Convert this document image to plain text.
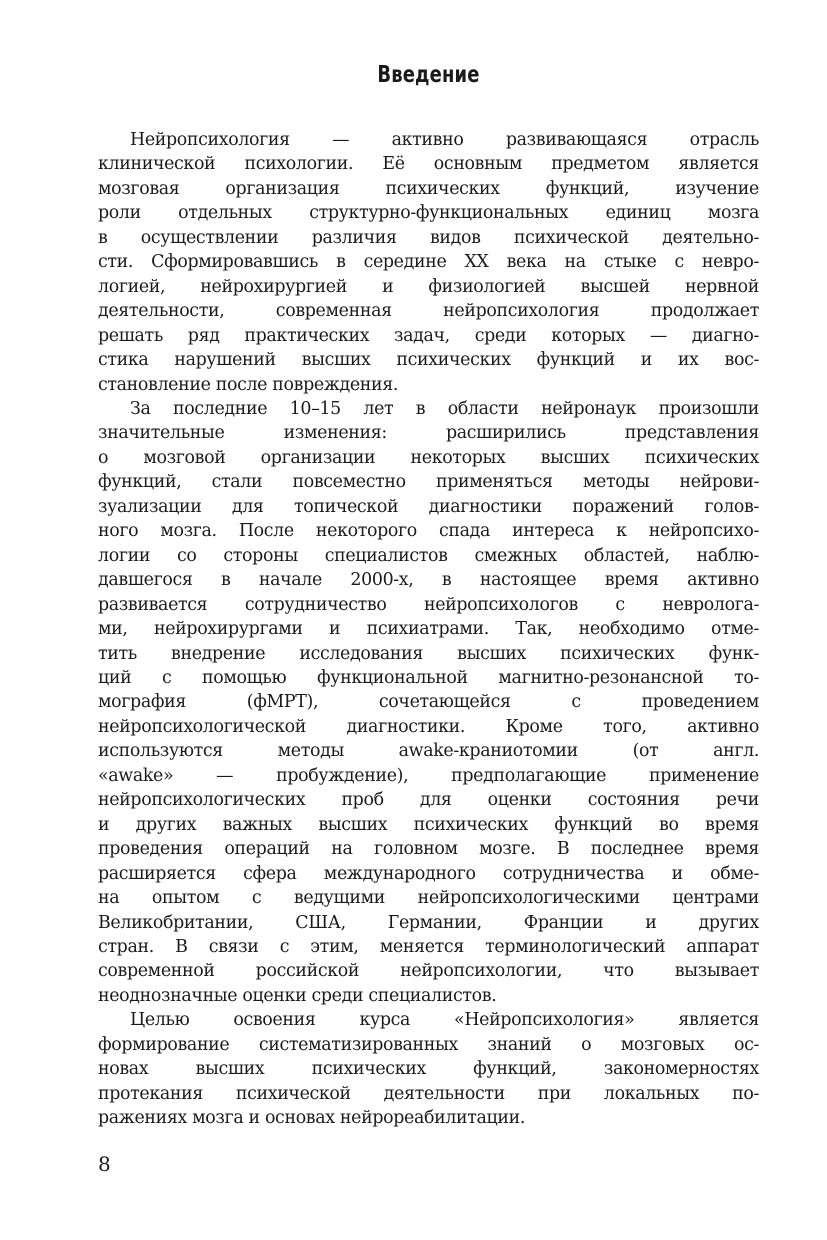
Введение
Нейропсихология — активно развивающаяся отрасль
клинической психологии. Её основным предметом является
мозговая организация психических функций, изучение
роли отдельных структурно-функциональных единиц мозга
в осуществлении различия видов психической деятельно-
сти. Сформировавшись в середине XX века на стыке с невро-
логией, нейрохирургией и физиологией высшей нервной
деятельности, современная нейропсихология продолжает
решать ряд практических задач, среди которых — диагно-
стика нарушений высших психических функций и их вос-
становление после повреждения.
За последние 10–15 лет в области нейронаук произошли
значительные изменения: расширились представления
о мозговой организации некоторых высших психических
функций, стали повсеместно применяться методы нейрови-
зуализации для топической диагностики поражений голов-
ного мозга. После некоторого спада интереса к нейропсихо-
логии со стороны специалистов смежных областей, наблю-
давшегося в начале 2000-х, в настоящее время активно
развивается сотрудничество нейропсихологов с невролога-
ми, нейрохирургами и психиатрами. Так, необходимо отме-
тить внедрение исследования высших психических функ-
ций с помощью функциональной магнитно-резонансной то-
мография (фМРТ), сочетающейся с проведением
нейропсихологической диагностики. Кроме того, активно
используются методы awake-краниотомии (от англ.
«awake» — пробуждение), предполагающие применение
нейропсихологических проб для оценки состояния речи
и других важных высших психических функций во время
проведения операций на головном мозге. В последнее время
расширяется сфера международного сотрудничества и обме-
на опытом с ведущими нейропсихологическими центрами
Великобритании, США, Германии, Франции и других
стран. В связи с этим, меняется терминологический аппарат
современной российской нейропсихологии, что вызывает
неоднозначные оценки среди специалистов.
Целью освоения курса «Нейропсихология» является
формирование систематизированных знаний о мозговых ос-
новах высших психических функций, закономерностях
протекания психической деятельности при локальных по-
ражениях мозга и основах нейрореабилитации.
8
